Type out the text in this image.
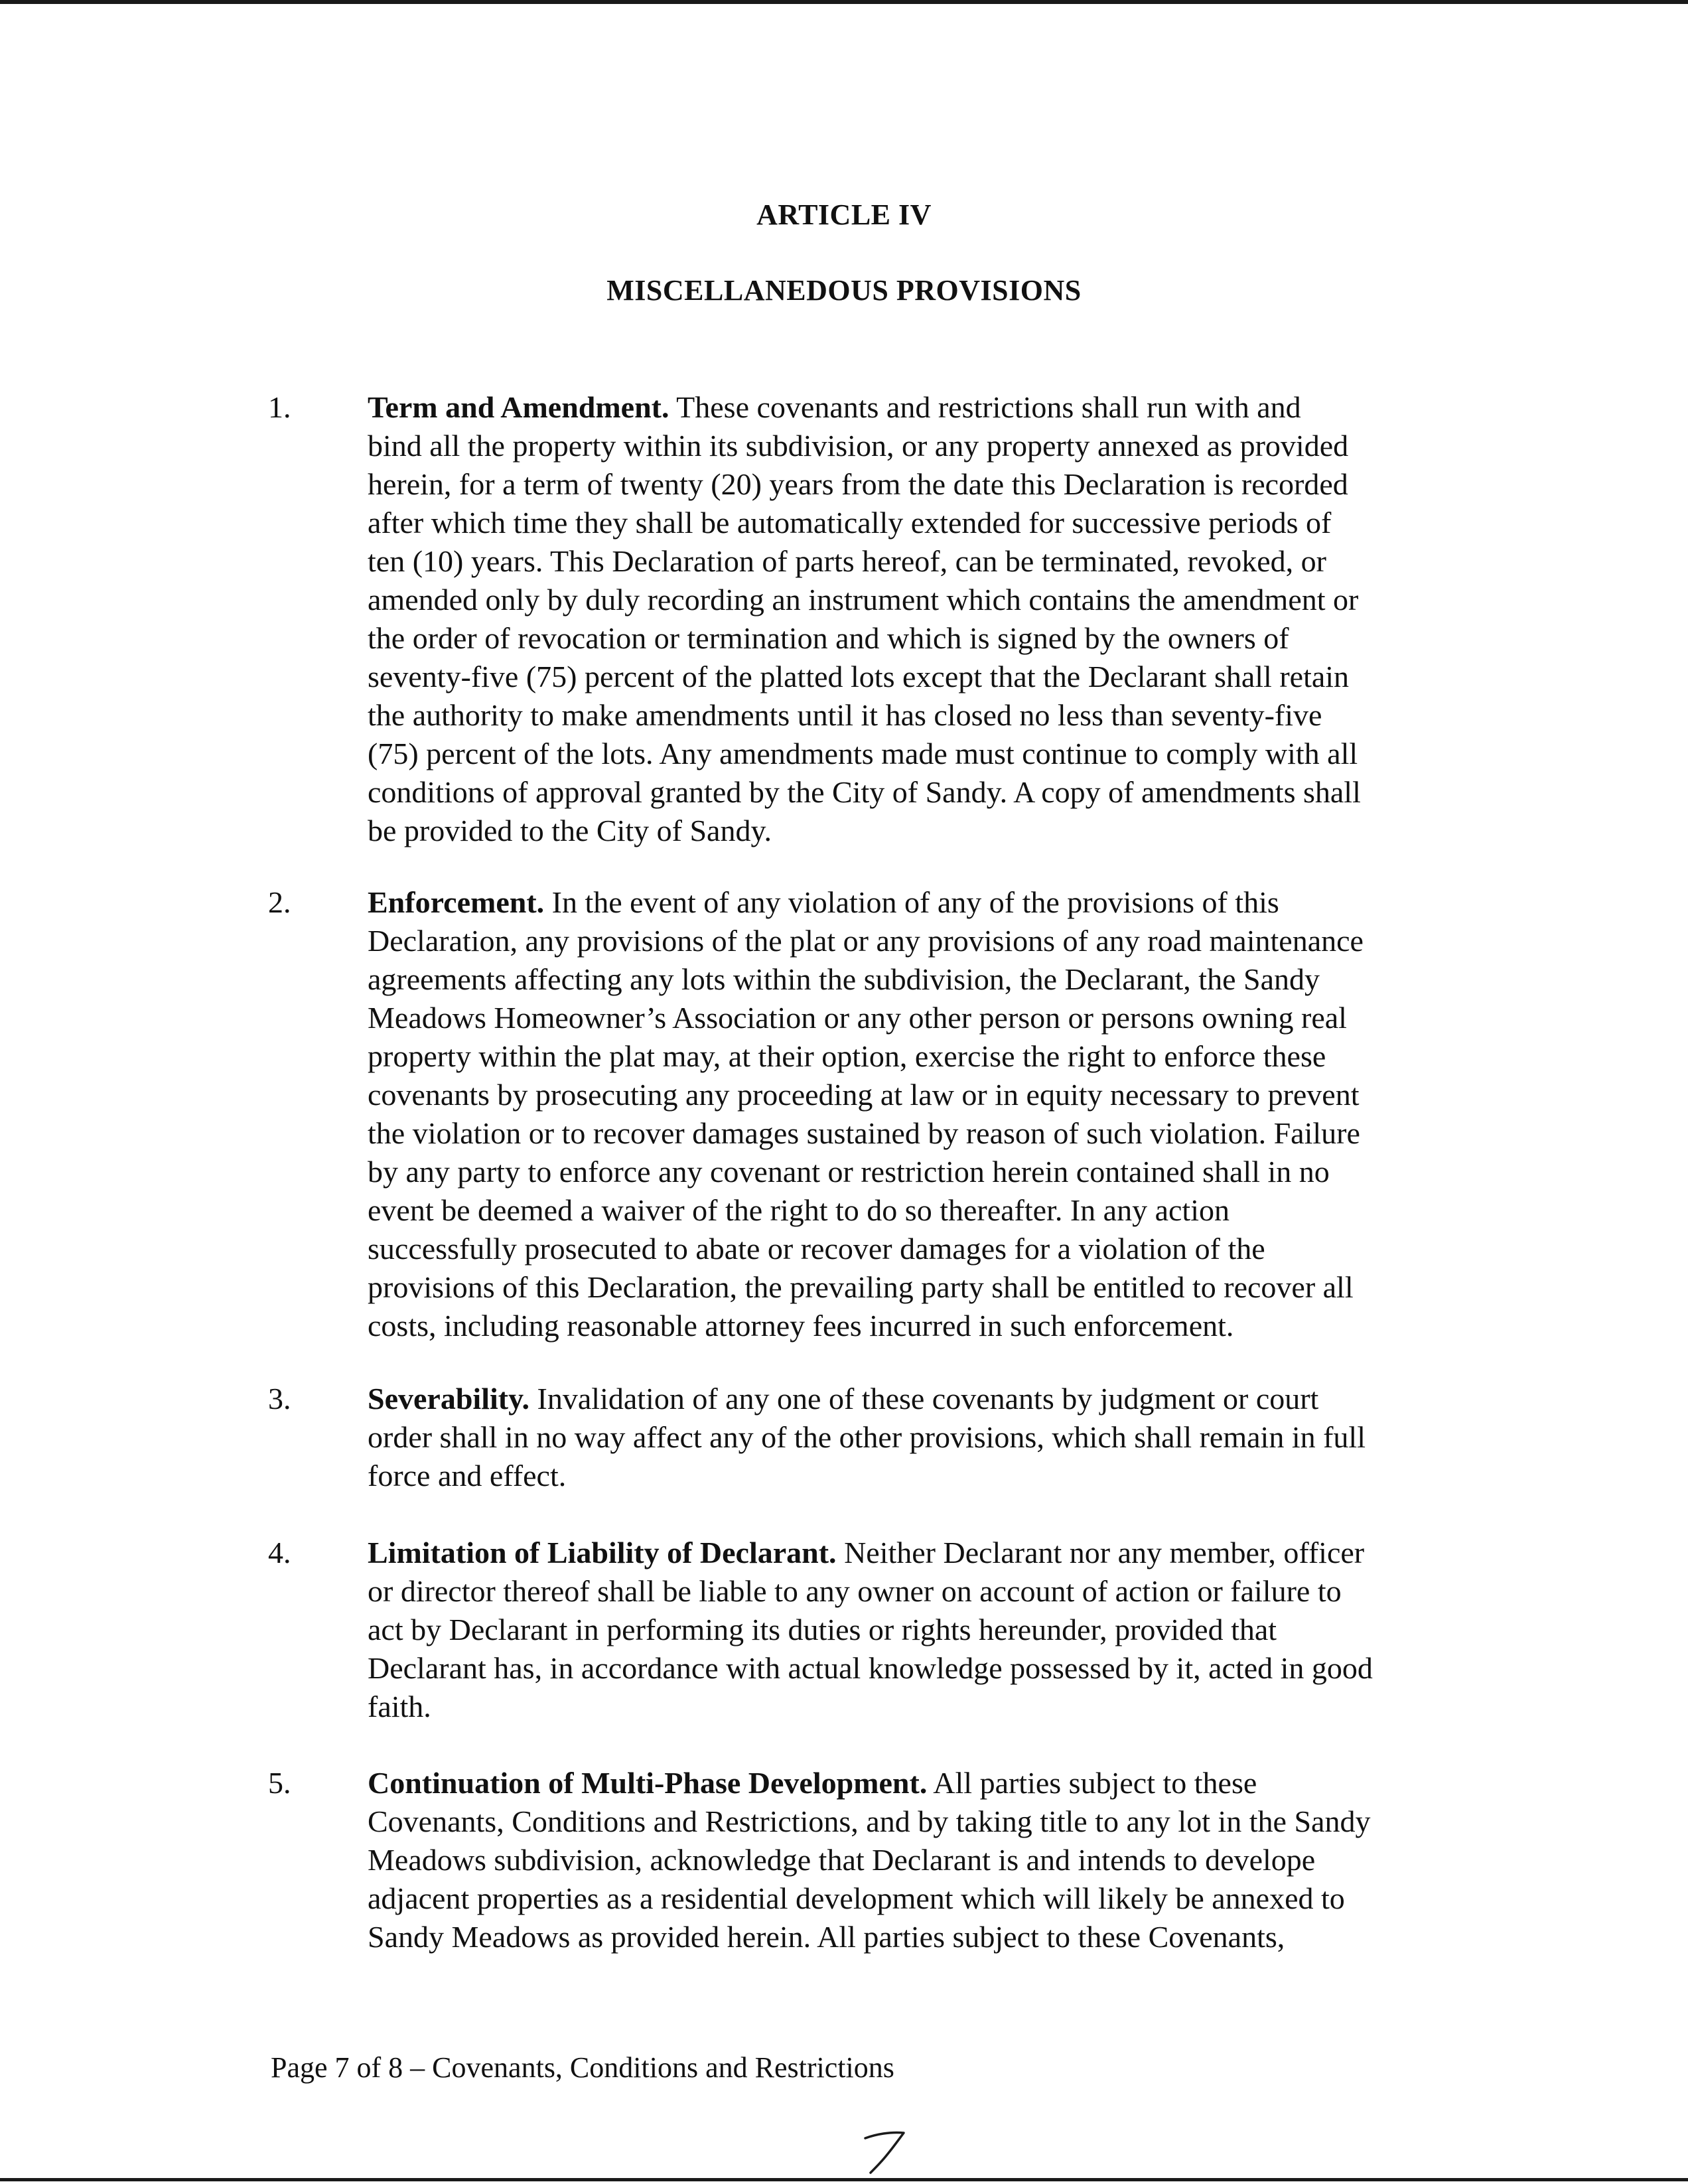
ARTICLE IV
MISCELLANEDOUS PROVISIONS
1.	Term and Amendment. These covenants and restrictions shall run with and
bind all the property within its subdivision, or any property annexed as provided
herein, for a term of twenty (20) years from the date this Declaration is recorded
after which time they shall be automatically extended for successive periods of
ten (10) years. This Declaration of parts hereof, can be terminated, revoked, or
amended only by duly recording an instrument which contains the amendment or
the order of revocation or termination and which is signed by the owners of
seventy-five (75) percent of the platted lots except that the Declarant shall retain
the authority to make amendments until it has closed no less than seventy-five
(75) percent of the lots. Any amendments made must continue to comply with all
conditions of approval granted by the City of Sandy. A copy of amendments shall
be provided to the City of Sandy.
2.	Enforcement. In the event of any violation of any of the provisions of this
Declaration, any provisions of the plat or any provisions of any road maintenance
agreements affecting any lots within the subdivision, the Declarant, the Sandy
Meadows Homeowner’s Association or any other person or persons owning real
property within the plat may, at their option, exercise the right to enforce these
covenants by prosecuting any proceeding at law or in equity necessary to prevent
the violation or to recover damages sustained by reason of such violation. Failure
by any party to enforce any covenant or restriction herein contained shall in no
event be deemed a waiver of the right to do so thereafter. In any action
successfully prosecuted to abate or recover damages for a violation of the
provisions of this Declaration, the prevailing party shall be entitled to recover all
costs, including reasonable attorney fees incurred in such enforcement.
3.	Severability. Invalidation of any one of these covenants by judgment or court
order shall in no way affect any of the other provisions, which shall remain in full
force and effect.
4.	Limitation of Liability of Declarant. Neither Declarant nor any member, officer
or director thereof shall be liable to any owner on account of action or failure to
act by Declarant in performing its duties or rights hereunder, provided that
Declarant has, in accordance with actual knowledge possessed by it, acted in good
faith.
5.	Continuation of Multi-Phase Development. All parties subject to these
Covenants, Conditions and Restrictions, and by taking title to any lot in the Sandy
Meadows subdivision, acknowledge that Declarant is and intends to develope
adjacent properties as a residential development which will likely be annexed to
Sandy Meadows as provided herein. All parties subject to these Covenants,
Page 7 of 8 – Covenants, Conditions and Restrictions
